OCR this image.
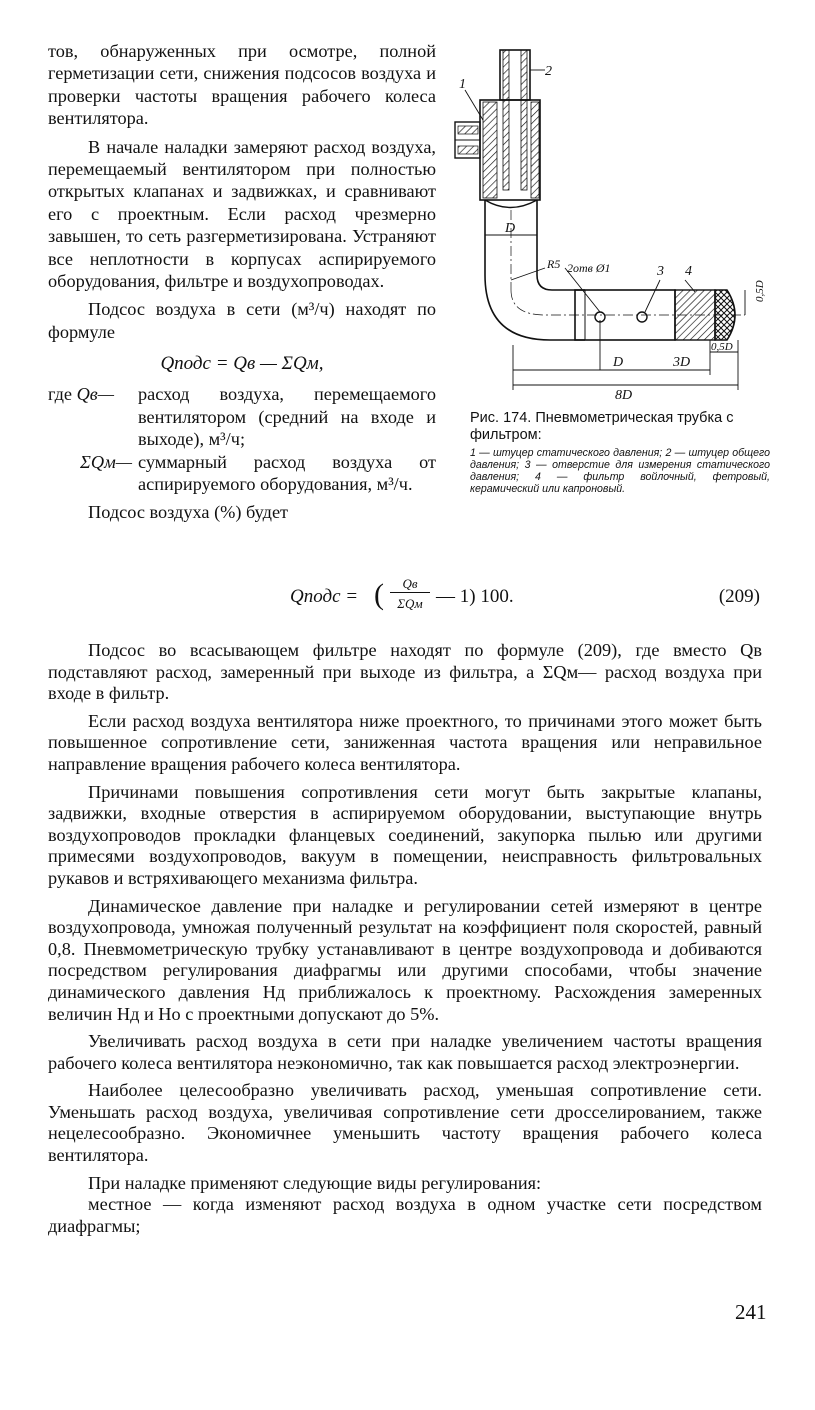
тов, обнаруженных при осмотре, полной герметизации сети, снижения подсосов воздуха и проверки частоты вращения рабочего колеса вентилятора.

В начале наладки замеряют расход воздуха, перемещаемый вентилятором при полностью открытых клапанах и задвижках, и сравнивают его с проектным. Если расход чрезмерно завышен, то сеть разгерметизирована. Устраняют все неплотности в корпусах аспирируемого оборудования, фильтре и воздухопроводах.

Подсос воздуха в сети (м³/ч) находят по формуле

Qподс = Qв — ΣQм,
где Qв—	расход воздуха, перемещаемого вентилятором (средний на входе и выходе), м³/ч;
ΣQм— суммарный расход воздуха от аспирируемого оборудования, м³/ч.

Подсос воздуха (%) будет

1
2
3 4
D
R5 2отв Ø1
D	3D
8D
0,5D
0,5D
Рис. 174. Пневмометрическая трубка с фильтром:
1 — штуцер статического давления; 2 — штуцер общего давления; 3 — отверстие для измерения статического давления; 4 — фильтр войлочный, фетровый, керамический или капроновый.
Qподс = (	Qв
ΣQм — 1) 100.	(209)

Подсос во всасывающем фильтре находят по формуле (209), где вместо Qв подставляют расход, замеренный при выходе из фильтра, а ΣQм— расход воздуха при входе в фильтр.

Если расход воздуха вентилятора ниже проектного, то причинами этого может быть повышенное сопротивление сети, заниженная частота вращения или неправильное направление вращения рабочего колеса вентилятора.

Причинами повышения сопротивления сети могут быть закрытые клапаны, задвижки, входные отверстия в аспирируемом оборудовании, выступающие внутрь воздухопроводов прокладки фланцевых соединений, закупорка пылью или другими примесями воздухопроводов, вакуум в помещении, неисправность фильтровальных рукавов и встряхивающего механизма фильтра.

Динамическое давление при наладке и регулировании сетей измеряют в центре воздухопровода, умножая полученный результат на коэффициент поля скоростей, равный 0,8. Пневмометрическую трубку устанавливают в центре воздухопровода и добиваются посредством регулирования диафрагмы или другими способами, чтобы значение динамического давления Hд приближалось к проектному. Расхождения замеренных величин Hд и Hо с проектными допускают до 5%.

Увеличивать расход воздуха в сети при наладке увеличением частоты вращения рабочего колеса вентилятора неэкономично, так как повышается расход электроэнергии.

Наиболее целесообразно увеличивать расход, уменьшая сопротивление сети. Уменьшать расход воздуха, увеличивая сопротивление сети дросселированием, также нецелесообразно. Экономичнее уменьшить частоту вращения рабочего колеса вентилятора.

При наладке применяют следующие виды регулирования:

местное — когда изменяют расход воздуха в одном участке сети посредством диафрагмы;

241
